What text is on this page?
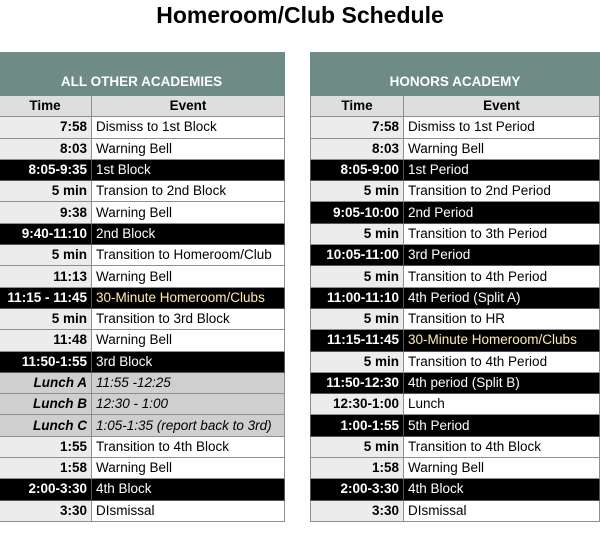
Homeroom/Club Schedule
ALL OTHER ACADEMIES	
Time	Event
7:58	Dismiss to 1st Block
8:03	Warning Bell
8:05-9:35	1st Block
5 min	Transion to 2nd Block
9:38	Warning Bell
9:40-11:10	2nd Block
5 min	Transition to Homeroom/Club
11:13	Warning Bell
11:15 - 11:45	30-Minute Homeroom/Clubs
5 min	Transition to 3rd Block
11:48	Warning Bell
11:50-1:55	3rd Block
Lunch A	11:55 -12:25
Lunch B	12:30 - 1:00
Lunch C	1:05-1:35 (report back to 3rd)
1:55	Transition to 4th Block
1:58	Warning Bell
2:00-3:30	4th Block
3:30	DIsmissal
HONORS ACADEMY	
Time	Event
7:58	Dismiss to 1st Period
8:03	Warning Bell
8:05-9:00	1st Period
5 min	Transition to 2nd Period
9:05-10:00	2nd Period
5 min	Transition to 3th Period
10:05-11:00	3rd Period
5 min	Transition to 4th Period
11:00-11:10	4th Period (Split A)
5 min	Transition to HR
11:15-11:45	30-Minute Homeroom/Clubs
5 min	Transition to 4th Period
11:50-12:30	4th period (Split B)
12:30-1:00	Lunch
1:00-1:55	5th Period
5 min	Transition to 4th Block
1:58	Warning Bell
2:00-3:30	4th Block
3:30	DIsmissal
